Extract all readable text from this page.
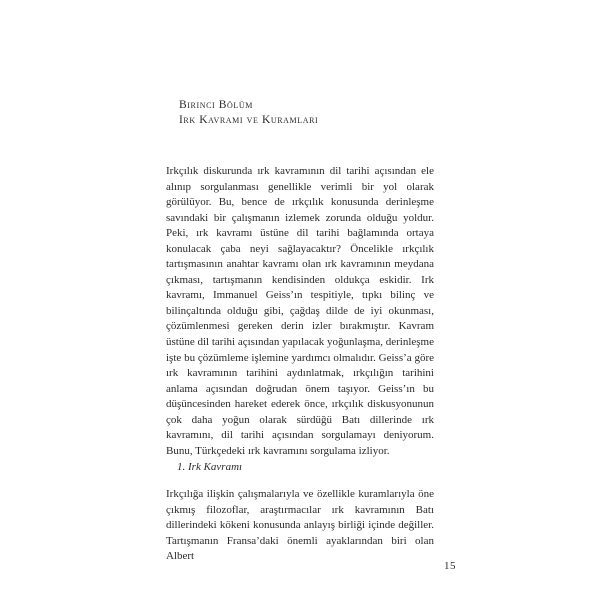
Birinci Bölüm
Irk Kavramı ve Kuramları

Irkçılık diskurunda ırk kavramının dil tarihi açısından ele alınıp sorgulanması genellikle verimli bir yol olarak görülüyor. Bu, bence de ırkçılık konusunda derinleşme savındaki bir çalışmanın izlemek zorunda olduğu yoldur. Peki, ırk kavramı üstüne dil tarihi bağlamında ortaya konulacak çaba neyi sağlayacaktır? Öncelikle ırkçılık tartışmasının anahtar kavramı olan ırk kavramının meydana çıkması, tartışmanın kendisinden oldukça eskidir. Irk kavramı, Immanuel Geiss’ın tespitiyle, tıpkı bilinç ve bilinçaltında olduğu gibi, çağdaş dilde de iyi okunması, çözümlenmesi gereken derin izler bırakmıştır. Kavram üstüne dil tarihi açısından yapılacak yoğunlaşma, derinleşme işte bu çözümleme işlemine yardımcı olmalıdır. Geiss’a göre ırk kavramının tarihini aydınlatmak, ırkçılığın tarihini anlama açısından doğrudan önem taşıyor. Geiss’ın bu düşüncesinden hareket ederek önce, ırkçılık diskusyonunun çok daha yoğun olarak sürdüğü Batı dillerinde ırk kavramını, dil tarihi açısından sorgulamayı deniyorum. Bunu, Türkçedeki ırk kavramını sorgulama izliyor.

1. Irk Kavramı

Irkçılığa ilişkin çalışmalarıyla ve özellikle kuramlarıyla öne çıkmış filozoflar, araştırmacılar ırk kavramının Batı dillerindeki kökeni konusunda anlayış birliği içinde değiller. Tartışmanın Fransa’daki önemli ayaklarından biri olan Albert

15
